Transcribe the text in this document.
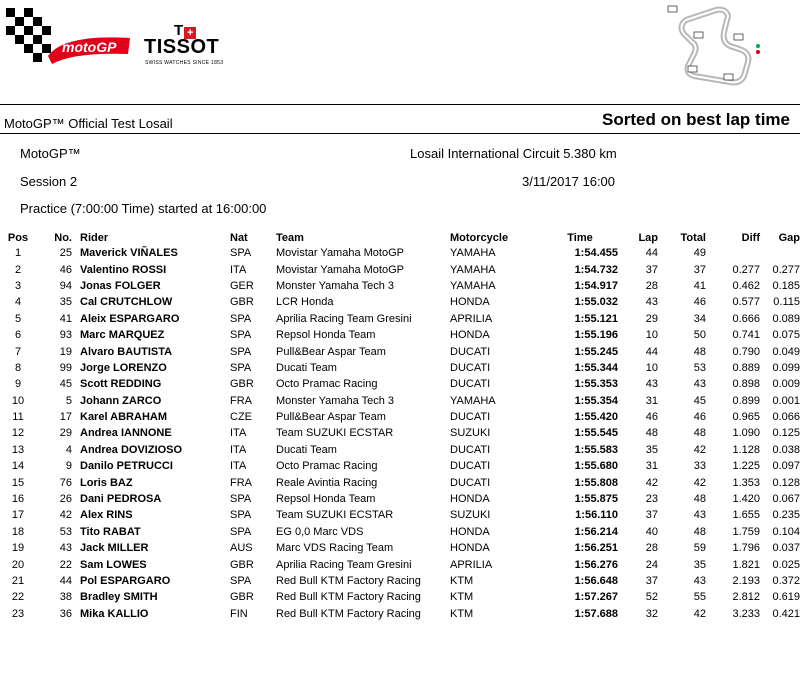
motoGP
T +
TISSOT
SWISS WATCHES SINCE 1853
MotoGP™ Official Test Losail	Sorted on best lap time
MotoGP™	Losail International Circuit 5.380 km
Session 2	3/11/2017 16:00
Practice (7:00:00 Time) started at 16:00:00
Pos	No.	Rider	Nat	Team	Motorcycle	Time	Lap	Total	Diff	Gap
1	25	Maverick VIÑALES	SPA	Movistar Yamaha MotoGP	YAMAHA	1:54.455	44	49		
2	46	Valentino ROSSI	ITA	Movistar Yamaha MotoGP	YAMAHA	1:54.732	37	37	0.277	0.277
3	94	Jonas FOLGER	GER	Monster Yamaha Tech 3	YAMAHA	1:54.917	28	41	0.462	0.185
4	35	Cal CRUTCHLOW	GBR	LCR Honda	HONDA	1:55.032	43	46	0.577	0.115
5	41	Aleix ESPARGARO	SPA	Aprilia Racing Team Gresini	APRILIA	1:55.121	29	34	0.666	0.089
6	93	Marc MARQUEZ	SPA	Repsol Honda Team	HONDA	1:55.196	10	50	0.741	0.075
7	19	Alvaro BAUTISTA	SPA	Pull&Bear Aspar Team	DUCATI	1:55.245	44	48	0.790	0.049
8	99	Jorge LORENZO	SPA	Ducati Team	DUCATI	1:55.344	10	53	0.889	0.099
9	45	Scott REDDING	GBR	Octo Pramac Racing	DUCATI	1:55.353	43	43	0.898	0.009
10	5	Johann ZARCO	FRA	Monster Yamaha Tech 3	YAMAHA	1:55.354	31	45	0.899	0.001
11	17	Karel ABRAHAM	CZE	Pull&Bear Aspar Team	DUCATI	1:55.420	46	46	0.965	0.066
12	29	Andrea IANNONE	ITA	Team SUZUKI ECSTAR	SUZUKI	1:55.545	48	48	1.090	0.125
13	4	Andrea DOVIZIOSO	ITA	Ducati Team	DUCATI	1:55.583	35	42	1.128	0.038
14	9	Danilo PETRUCCI	ITA	Octo Pramac Racing	DUCATI	1:55.680	31	33	1.225	0.097
15	76	Loris BAZ	FRA	Reale Avintia Racing	DUCATI	1:55.808	42	42	1.353	0.128
16	26	Dani PEDROSA	SPA	Repsol Honda Team	HONDA	1:55.875	23	48	1.420	0.067
17	42	Alex RINS	SPA	Team SUZUKI ECSTAR	SUZUKI	1:56.110	37	43	1.655	0.235
18	53	Tito RABAT	SPA	EG 0,0 Marc VDS	HONDA	1:56.214	40	48	1.759	0.104
19	43	Jack MILLER	AUS	Marc VDS Racing Team	HONDA	1:56.251	28	59	1.796	0.037
20	22	Sam LOWES	GBR	Aprilia Racing Team Gresini	APRILIA	1:56.276	24	35	1.821	0.025
21	44	Pol ESPARGARO	SPA	Red Bull KTM Factory Racing	KTM	1:56.648	37	43	2.193	0.372
22	38	Bradley SMITH	GBR	Red Bull KTM Factory Racing	KTM	1:57.267	52	55	2.812	0.619
23	36	Mika KALLIO	FIN	Red Bull KTM Factory Racing	KTM	1:57.688	32	42	3.233	0.421
